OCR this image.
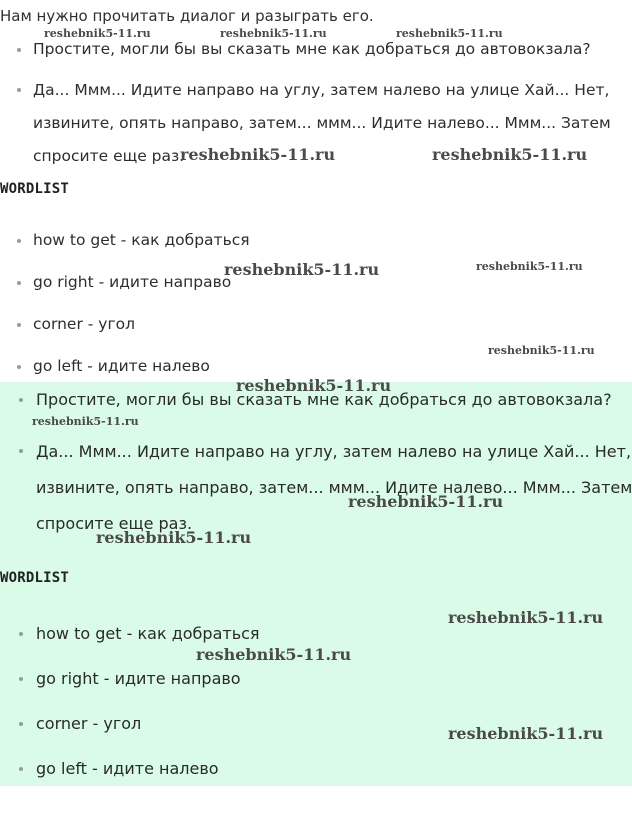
Нам нужно прочитать диалог и разыграть его.
Простите, могли бы вы сказать мне как добраться до автовокзала?
Да... Ммм... Идите направо на углу, затем налево на улице Хай... Нет,
извините, опять направо, затем... ммм... Идите налево... Ммм... Затем
спросите еще раз.
WORDLIST
how to get - как добраться
go right - идите направо
corner - угол
go left - идите налево
Простите, могли бы вы сказать мне как добраться до автовокзала?
Да... Ммм... Идите направо на углу, затем налево на улице Хай... Нет,
извините, опять направо, затем... ммм... Идите налево... Ммм... Затем
спросите еще раз.
WORDLIST
how to get - как добраться
go right - идите направо
corner - угол
go left - идите налево
reshebnik5-11.ru	reshebnik5-11.ru	reshebnik5-11.ru
reshebnik5-11.ru	reshebnik5-11.ru
reshebnik5-11.ru	reshebnik5-11.ru
reshebnik5-11.ru
reshebnik5-11.ru
reshebnik5-11.ru
reshebnik5-11.ru
reshebnik5-11.ru
reshebnik5-11.ru
reshebnik5-11.ru
reshebnik5-11.ru
